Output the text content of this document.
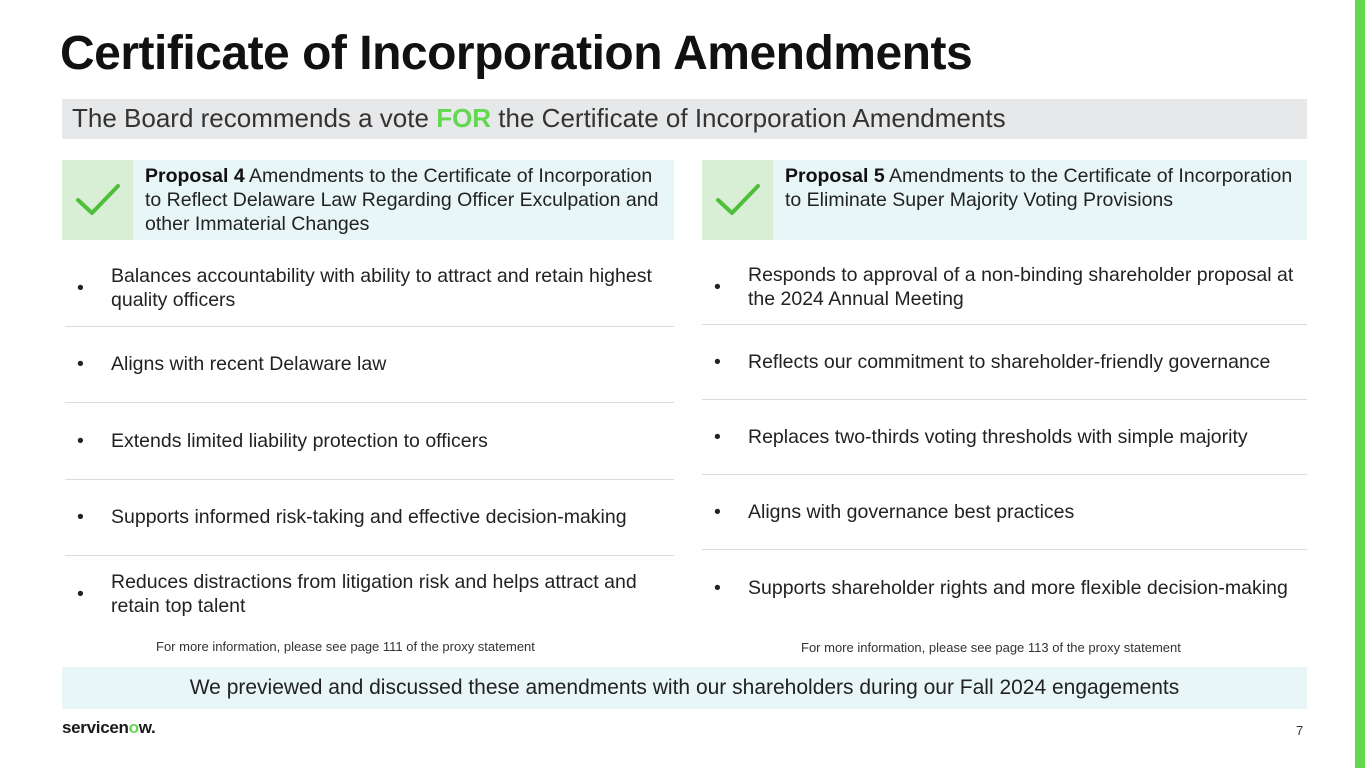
Certificate of Incorporation Amendments
The Board recommends a vote FOR the Certificate of Incorporation Amendments
Proposal 4 Amendments to the Certificate of Incorporation to Reflect Delaware Law Regarding Officer Exculpation and other Immaterial Changes
•
Balances accountability with ability to attract and retain highest quality officers
•	Aligns with recent Delaware law
•	Extends limited liability protection to officers
•	Supports informed risk-taking and effective decision-making
•
Reduces distractions from litigation risk and helps attract and retain top talent
For more information, please see page 111 of the proxy statement
Proposal 5 Amendments to the Certificate of Incorporation to Eliminate Super Majority Voting Provisions
•
Responds to approval of a non-binding shareholder proposal at the 2024 Annual Meeting
•	Reflects our commitment to shareholder-friendly governance
•	Replaces two-thirds voting thresholds with simple majority
•	Aligns with governance best practices
•	Supports shareholder rights and more flexible decision-making
For more information, please see page 113 of the proxy statement
We previewed and discussed these amendments with our shareholders during our Fall 2024 engagements
servicenow.	7
